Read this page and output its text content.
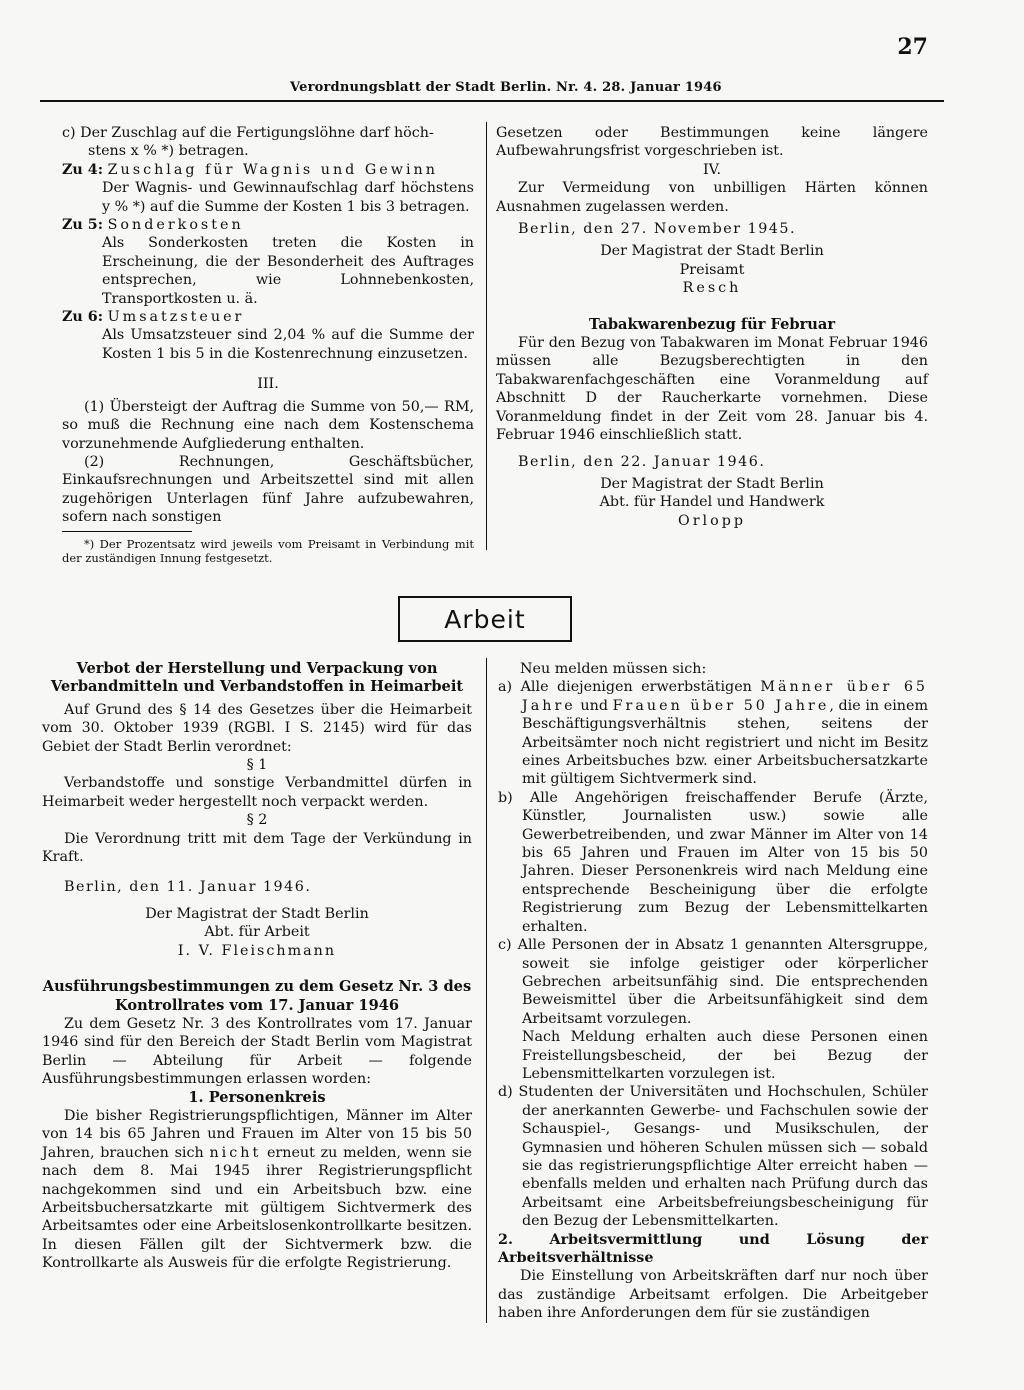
27
Verordnungsblatt der Stadt Berlin. Nr. 4. 28. Januar 1946

c) Der Zuschlag auf die Fertigungslöhne darf höch-
stens x % *) betragen.

Zu 4: Zuschlag für Wagnis und Gewinn

Der Wagnis- und Gewinnaufschlag darf höchstens y % *) auf die Summe der Kosten 1 bis 3 betragen.

Zu 5: Sonderkosten

Als Sonderkosten treten die Kosten in Erscheinung, die der Besonderheit des Auftrages entsprechen, wie Lohnnebenkosten, Transportkosten u. ä.

Zu 6: Umsatzsteuer

Als Umsatzsteuer sind 2,04 % auf die Summe der Kosten 1 bis 5 in die Kostenrechnung einzusetzen.

III.

(1) Übersteigt der Auftrag die Summe von 50,— RM, so muß die Rechnung eine nach dem Kostenschema vorzunehmende Aufgliederung enthalten.

(2) Rechnungen, Geschäftsbücher, Einkaufsrechnungen und Arbeitszettel sind mit allen zugehörigen Unterlagen fünf Jahre aufzubewahren, sofern nach sonstigen

*) Der Prozentsatz wird jeweils vom Preisamt in Verbindung mit der zuständigen Innung festgesetzt.

Gesetzen oder Bestimmungen keine längere Aufbewahrungsfrist vorgeschrieben ist.

IV.

Zur Vermeidung von unbilligen Härten können Ausnahmen zugelassen werden.

Berlin, den 27. November 1945.

Der Magistrat der Stadt Berlin

Preisamt

Resch

Tabakwarenbezug für Februar

Für den Bezug von Tabakwaren im Monat Februar 1946 müssen alle Bezugsberechtigten in den Tabakwarenfachgeschäften eine Voranmeldung auf Abschnitt D der Raucherkarte vornehmen. Diese Voranmeldung findet in der Zeit vom 28. Januar bis 4. Februar 1946 einschließlich statt.

Berlin, den 22. Januar 1946.

Der Magistrat der Stadt Berlin

Abt. für Handel und Handwerk

Orlopp

Arbeit

Verbot der Herstellung und Verpackung von Verbandmitteln und Verbandstoffen in Heimarbeit

Auf Grund des § 14 des Gesetzes über die Heimarbeit vom 30. Oktober 1939 (RGBl. I S. 2145) wird für das Gebiet der Stadt Berlin verordnet:

§ 1

Verbandstoffe und sonstige Verbandmittel dürfen in Heimarbeit weder hergestellt noch verpackt werden.

§ 2

Die Verordnung tritt mit dem Tage der Verkündung in Kraft.

Berlin, den 11. Januar 1946.

Der Magistrat der Stadt Berlin

Abt. für Arbeit

I. V. Fleischmann

Ausführungsbestimmungen zu dem Gesetz Nr. 3 des Kontrollrates vom 17. Januar 1946

Zu dem Gesetz Nr. 3 des Kontrollrates vom 17. Januar 1946 sind für den Bereich der Stadt Berlin vom Magistrat Berlin — Abteilung für Arbeit — folgende Ausführungsbestimmungen erlassen worden:

1. Personenkreis

Die bisher Registrierungspflichtigen, Männer im Alter von 14 bis 65 Jahren und Frauen im Alter von 15 bis 50 Jahren, brauchen sich nicht erneut zu melden, wenn sie nach dem 8. Mai 1945 ihrer Registrierungspflicht nachgekommen sind und ein Arbeitsbuch bzw. eine Arbeitsbuchersatzkarte mit gültigem Sichtvermerk des Arbeitsamtes oder eine Arbeitslosenkontrollkarte besitzen. In diesen Fällen gilt der Sichtvermerk bzw. die Kontrollkarte als Ausweis für die erfolgte Registrierung.

Neu melden müssen sich:

a) Alle diejenigen erwerbstätigen Männer über 65 Jahre und Frauen über 50 Jahre, die in einem Beschäftigungsverhältnis stehen, seitens der Arbeitsämter noch nicht registriert und nicht im Besitz eines Arbeitsbuches bzw. einer Arbeitsbuchersatzkarte mit gültigem Sichtvermerk sind.

b) Alle Angehörigen freischaffender Berufe (Ärzte, Künstler, Journalisten usw.) sowie alle Gewerbetreibenden, und zwar Männer im Alter von 14 bis 65 Jahren und Frauen im Alter von 15 bis 50 Jahren. Dieser Personenkreis wird nach Meldung eine entsprechende Bescheinigung über die erfolgte Registrierung zum Bezug der Lebensmittelkarten erhalten.

c) Alle Personen der in Absatz 1 genannten Altersgruppe, soweit sie infolge geistiger oder körperlicher Gebrechen arbeitsunfähig sind. Die entsprechenden Beweismittel über die Arbeitsunfähigkeit sind dem Arbeitsamt vorzulegen.

Nach Meldung erhalten auch diese Personen einen Freistellungsbescheid, der bei Bezug der Lebensmittelkarten vorzulegen ist.

d) Studenten der Universitäten und Hochschulen, Schüler der anerkannten Gewerbe- und Fachschulen sowie der Schauspiel-, Gesangs- und Musikschulen, der Gymnasien und höheren Schulen müssen sich — sobald sie das registrierungspflichtige Alter erreicht haben — ebenfalls melden und erhalten nach Prüfung durch das Arbeitsamt eine Arbeitsbefreiungsbescheinigung für den Bezug der Lebensmittelkarten.

2. Arbeitsvermittlung und Lösung der Arbeitsverhältnisse

Die Einstellung von Arbeitskräften darf nur noch über das zuständige Arbeitsamt erfolgen. Die Arbeitgeber haben ihre Anforderungen dem für sie zuständigen
